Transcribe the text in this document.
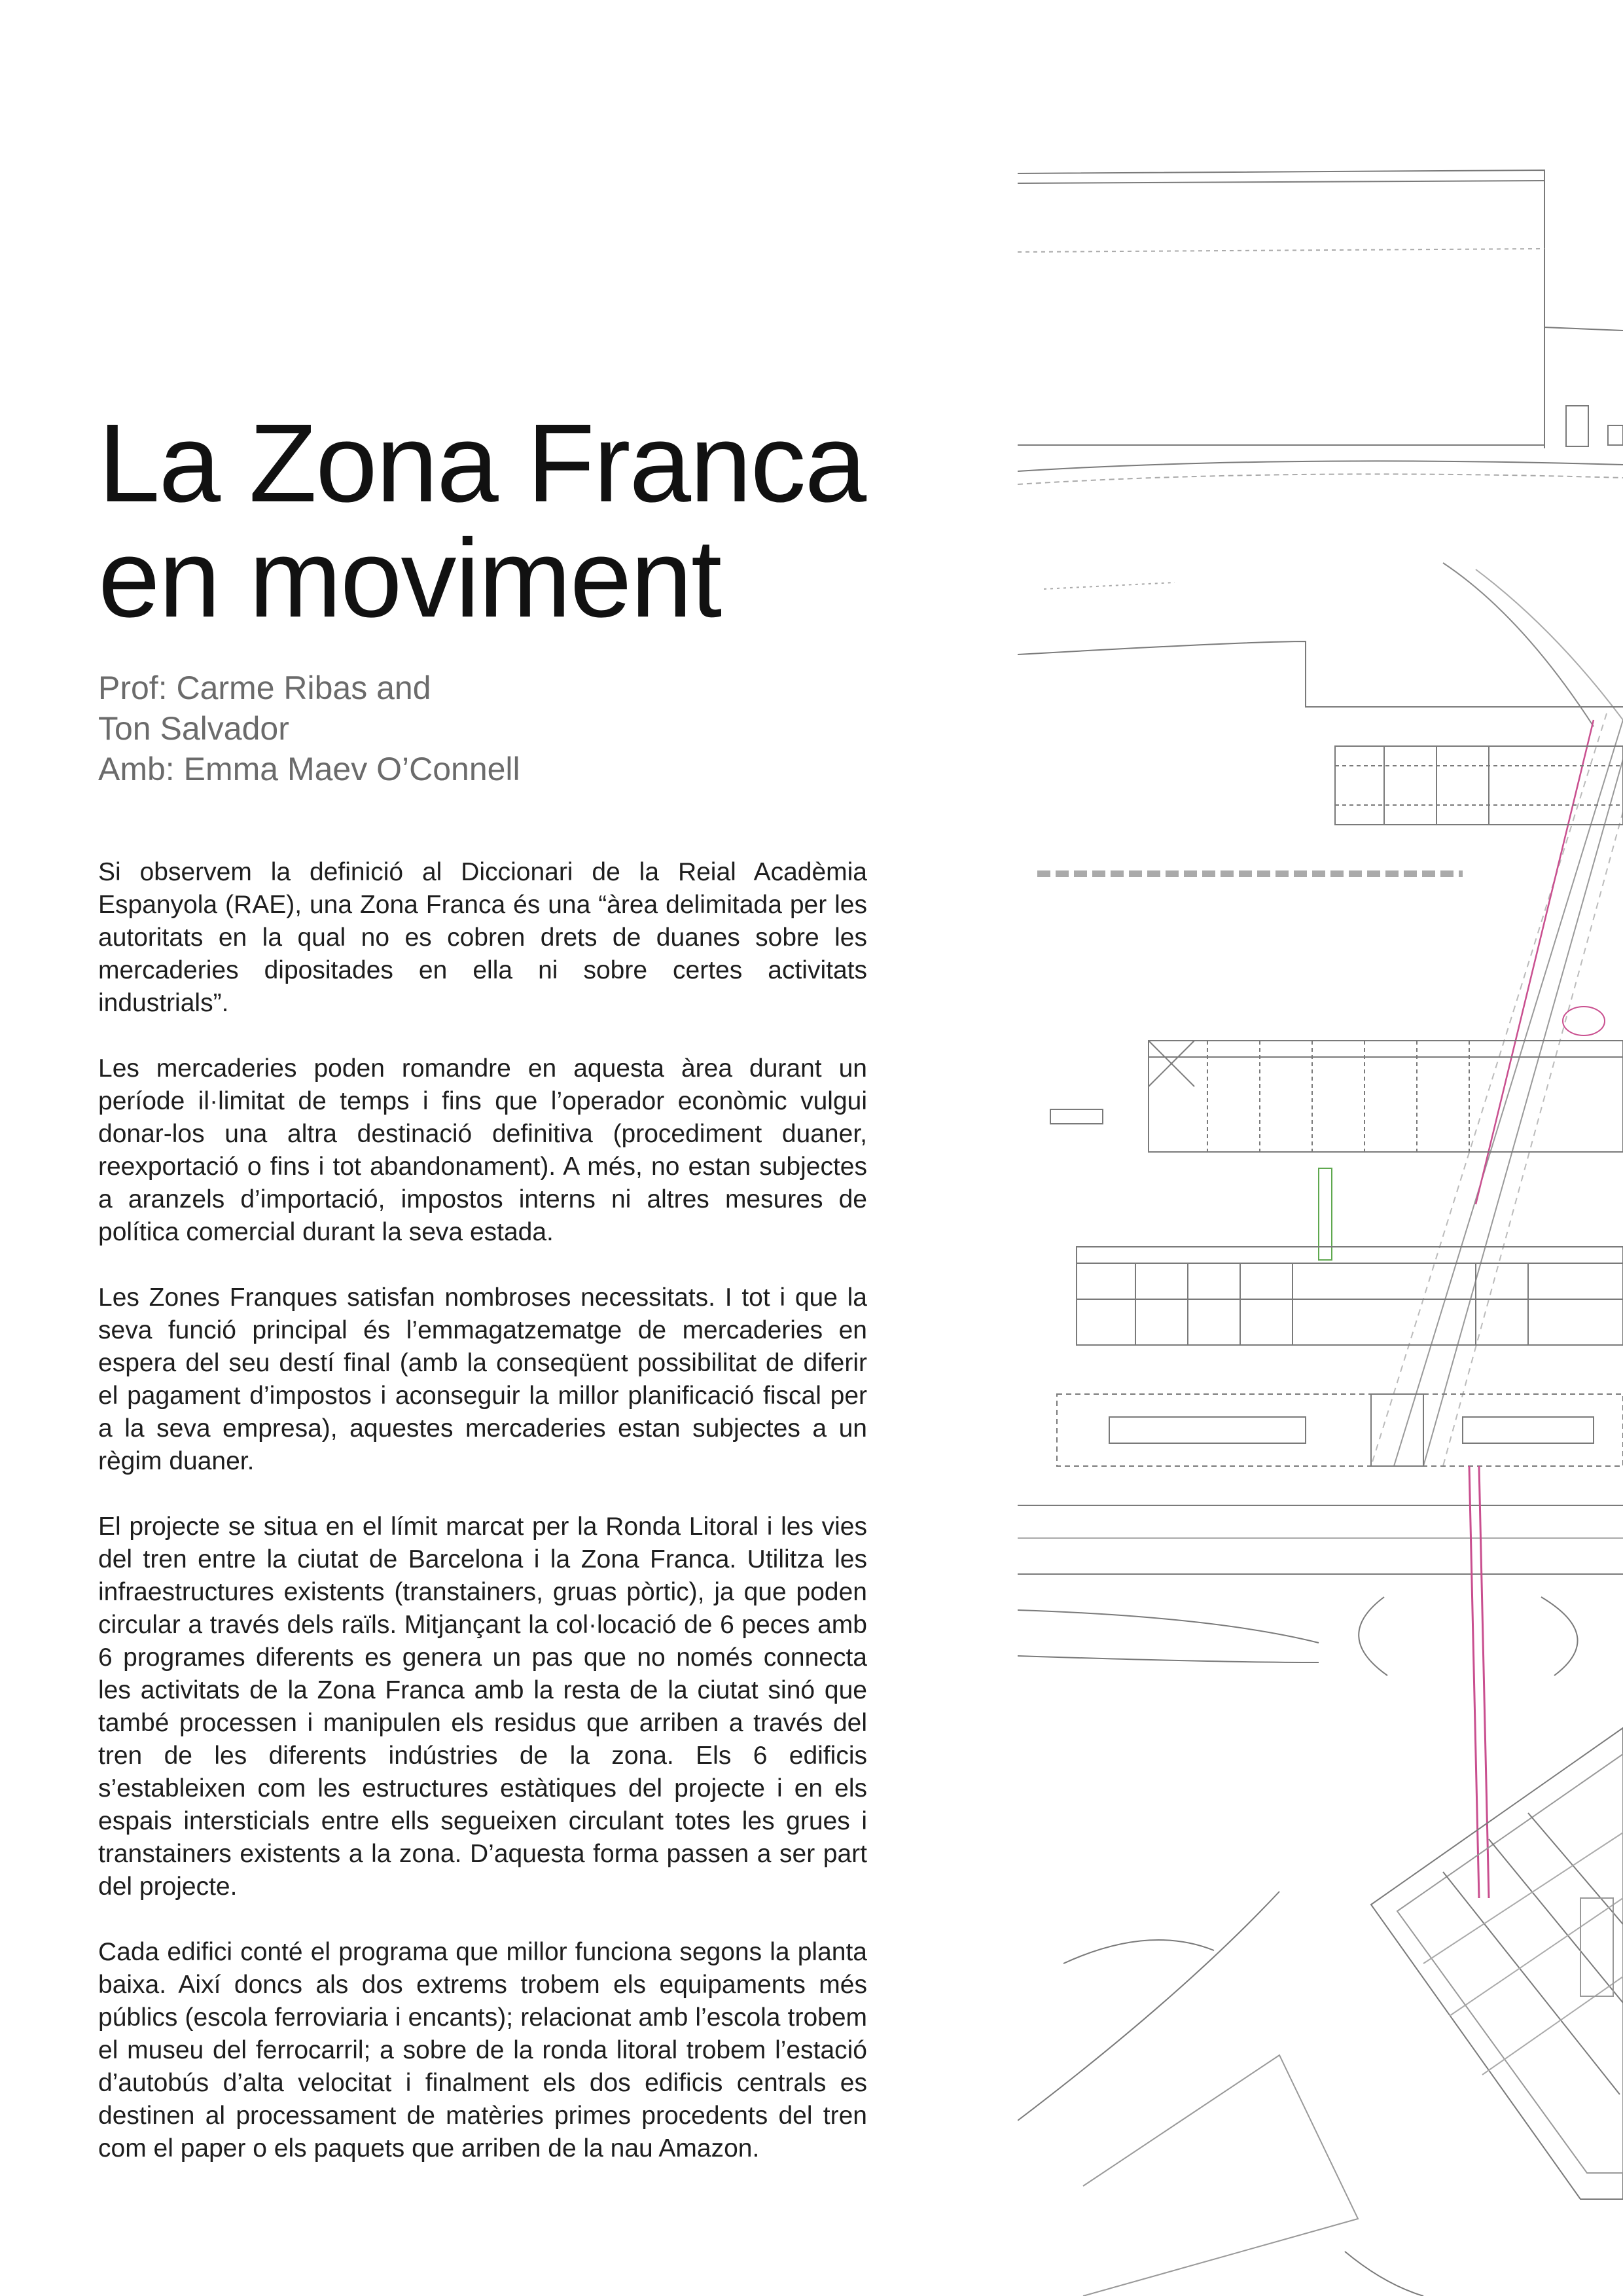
La Zona Franca
en moviment
Prof: Carme Ribas and
Ton Salvador
Amb: Emma Maev O’Connell

Si observem la definició al Diccionari de la Reial Acadèmia Espanyola (RAE), una Zona Franca és una “àrea delimitada per les autoritats en la qual no es cobren drets de duanes sobre les mercaderies dipositades en ella ni sobre certes activitats industrials”.

Les mercaderies poden romandre en aquesta àrea durant un període il·limitat de temps i fins que l’operador econòmic vulgui donar-los una altra destinació definitiva (procediment duaner, reexportació o fins i tot abandonament). A més, no estan subjectes a aranzels d’importació, impostos interns ni altres mesures de política comercial durant la seva estada.

Les Zones Franques satisfan nombroses necessitats. I tot i que la seva funció principal és l’emmagatzematge de mercaderies en espera del seu destí final (amb la conseqüent possibilitat de diferir el pagament d’impostos i aconseguir la millor planificació fiscal per a la seva empresa), aquestes mercaderies estan subjectes a un règim duaner.

El projecte se situa en el límit marcat per la Ronda Litoral i les vies del tren entre la ciutat de Barcelona i la Zona Franca. Utilitza les infraestructures existents (transtainers, gruas pòrtic), ja que poden circular a través dels raïls. Mitjançant la col·locació de 6 peces amb 6 programes diferents es genera un pas que no només connecta les activitats de la Zona Franca amb la resta de la ciutat sinó que també processen i manipulen els residus que arriben a través del tren de les diferents indústries de la zona. Els 6 edificis s’estableixen com les estructures estàtiques del projecte i en els espais intersticials entre ells segueixen circulant totes les grues i transtainers existents a la zona. D’aquesta forma passen a ser part del projecte.

Cada edifici conté el programa que millor funciona segons la planta baixa. Així doncs als dos extrems trobem els equipaments més públics (escola ferroviaria i encants); relacionat amb l’escola trobem el museu del ferrocarril; a sobre de la ronda litoral trobem l’estació d’autobús d’alta velocitat i finalment els dos edificis centrals es destinen al processament de matèries primes procedents del tren com el paper o els paquets que arriben de la nau Amazon.
